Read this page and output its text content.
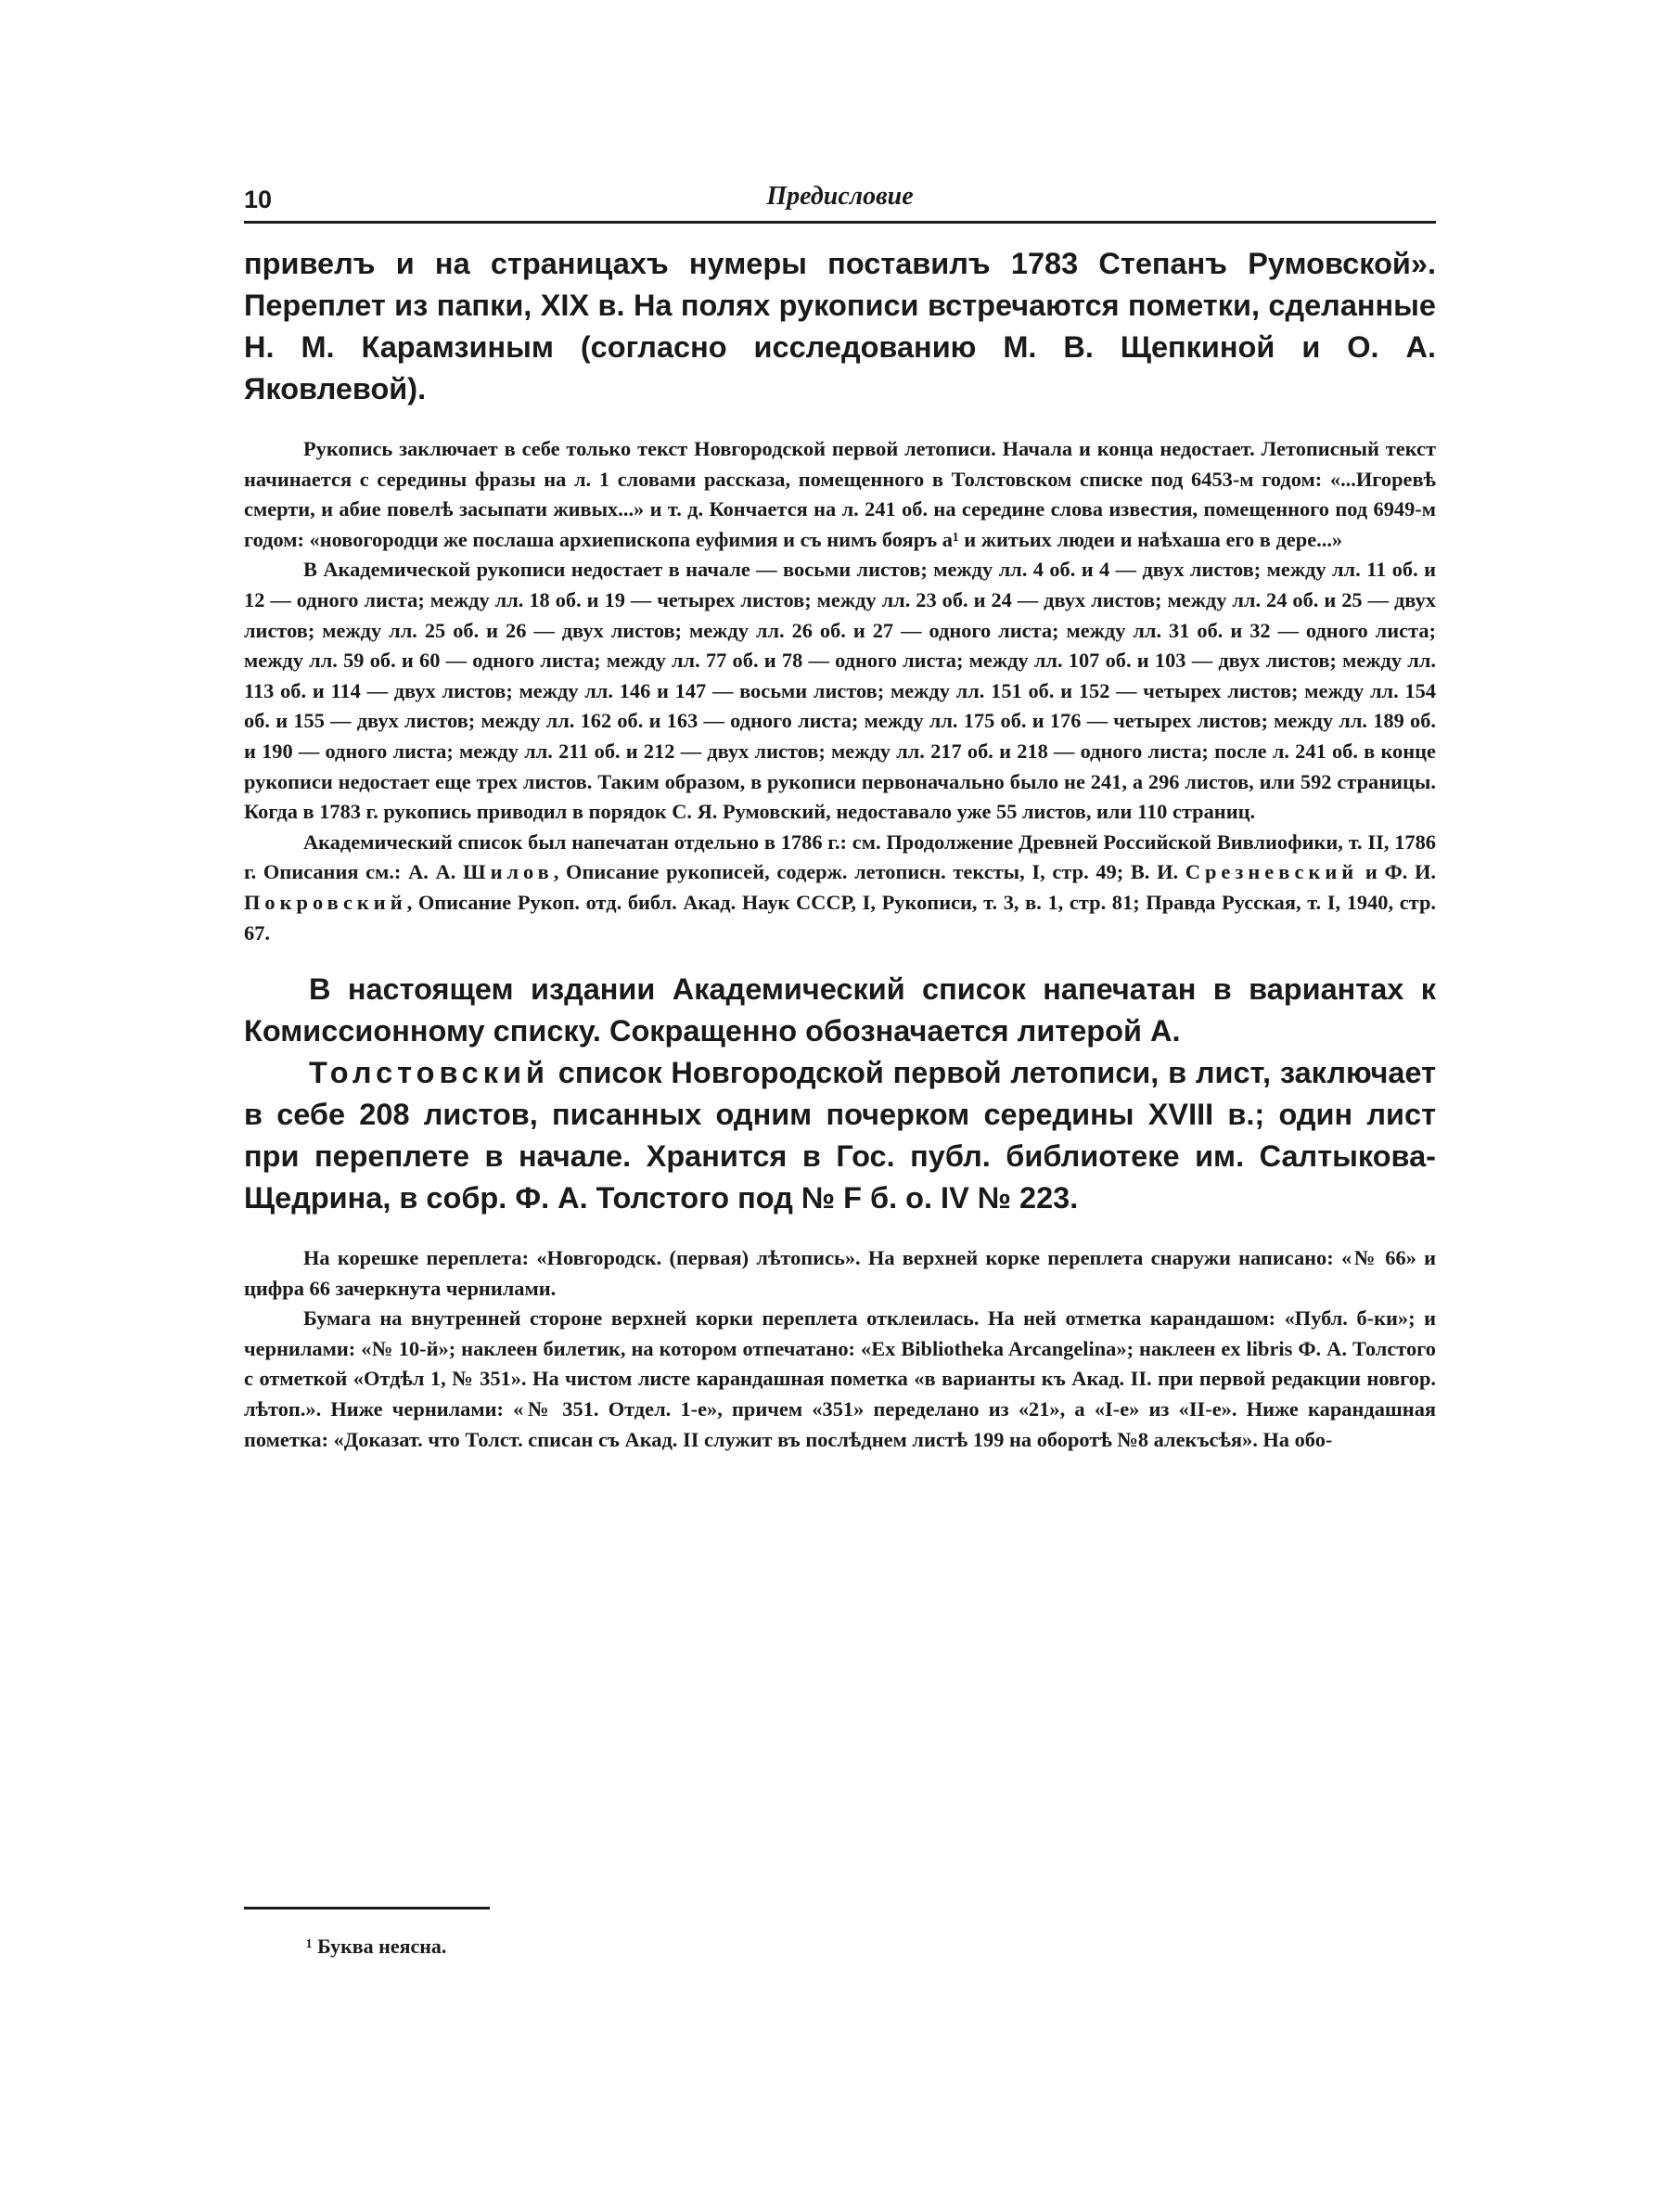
10	Предисловие

привелъ и на страницахъ нумеры поставилъ 1783 Степанъ Румовской». Переплет из папки, XIX в. На полях рукописи встречаются пометки, сделанные Н. М. Карамзиным (согласно исследованию М. В. Щепкиной и О. А. Яковлевой).

Рукопись заключает в себе только текст Новгородской первой летописи. Начала и конца недостает. Летописный текст начинается с середины фразы на л. 1 словами рассказа, помещенного в Толстовском списке под 6453-м годом: «...Игоревѣ смерти, и абие повелѣ засыпати живых...» и т. д. Кончается на л. 241 об. на середине слова известия, помещенного под 6949-м годом: «новогородци же послаша архиепископа еуфимия и съ нимъ бояръ а¹ и житьих людеи и наѣхаша его в дере...»

В Академической рукописи недостает в начале — восьми листов; между лл. 4 об. и 4 — двух листов; между лл. 11 об. и 12 — одного листа; между лл. 18 об. и 19 — четырех листов; между лл. 23 об. и 24 — двух листов; между лл. 24 об. и 25 — двух листов; между лл. 25 об. и 26 — двух листов; между лл. 26 об. и 27 — одного листа; между лл. 31 об. и 32 — одного листа; между лл. 59 об. и 60 — одного листа; между лл. 77 об. и 78 — одного листа; между лл. 107 об. и 103 — двух листов; между лл. 113 об. и 114 — двух листов; между лл. 146 и 147 — восьми листов; между лл. 151 об. и 152 — четырех листов; между лл. 154 об. и 155 — двух листов; между лл. 162 об. и 163 — одного листа; между лл. 175 об. и 176 — четырех листов; между лл. 189 об. и 190 — одного листа; между лл. 211 об. и 212 — двух листов; между лл. 217 об. и 218 — одного листа; после л. 241 об. в конце рукописи недостает еще трех листов. Таким образом, в рукописи первоначально было не 241, а 296 листов, или 592 страницы. Когда в 1783 г. рукопись приводил в порядок С. Я. Румовский, недоставало уже 55 листов, или 110 страниц.

Академический список был напечатан отдельно в 1786 г.: см. Продолжение Древней Российской Вивлиофики, т. II, 1786 г. Описания см.: А. А. Шилов, Описание рукописей, содерж. летописн. тексты, I, стр. 49; В. И. Срезневский и Ф. И. Покровский, Описание Рукоп. отд. библ. Акад. Наук СССР, I, Рукописи, т. 3, в. 1, стр. 81; Правда Русская, т. I, 1940, стр. 67.

В настоящем издании Академический список напечатан в вариантах к Комиссионному списку. Сокращенно обозначается литерой А.

Толстовский список Новгородской первой летописи, в лист, заключает в себе 208 листов, писанных одним почерком середины XVIII в.; один лист при переплете в начале. Хранится в Гос. публ. библиотеке им. Салтыкова-Щедрина, в собр. Ф. А. Толстого под № F б. о. IV № 223.

На корешке переплета: «Новгородск. (первая) лѣтопись». На верхней корке переплета снаружи написано: «№ 66» и цифра 66 зачеркнута чернилами.

Бумага на внутренней стороне верхней корки переплета отклеилась. На ней отметка карандашом: «Публ. б-ки»; и чернилами: «№ 10-й»; наклеен билетик, на котором отпечатано: «Ex Bibliotheka Arcangelina»; наклеен ex libris Ф. А. Толстого с отметкой «Отдѣл 1, № 351». На чистом листе карандашная пометка «в варианты къ Акад. II. при первой редакции новгор. лѣтоп.». Ниже чернилами: «№ 351. Отдел. 1-е», причем «351» переделано из «21», а «I-е» из «II-е». Ниже карандашная пометка: «Доказат. что Толст. списан съ Акад. II служит въ послѣднем листѣ 199 на оборотѣ №8 алекъсѣя». На обо-

¹ Буква неясна.
